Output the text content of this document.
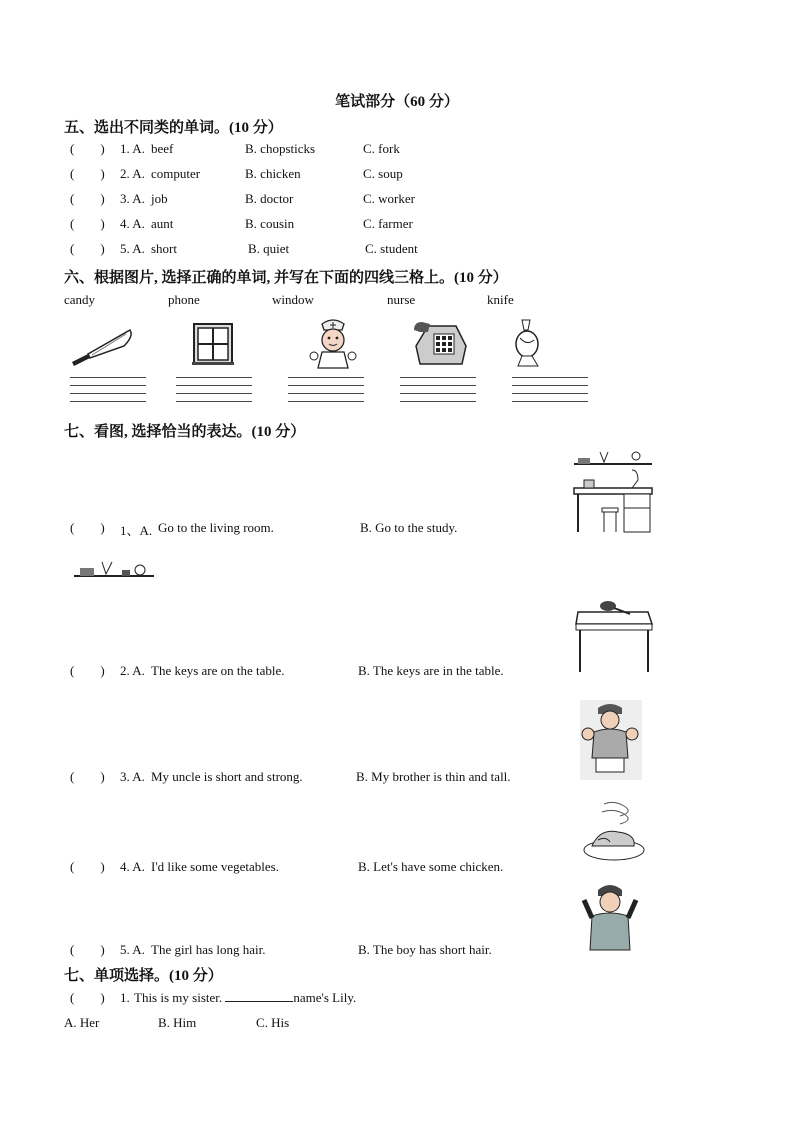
笔试部分（60 分）
五、选出不同类的单词。(10 分）
(        ) 1. A. beef	B. chopsticks	C. fork
(        ) 2. A. computer	B. chicken	C. soup
(        ) 3. A. job	B. doctor	C. worker
(        ) 4. A. aunt	B. cousin	C. farmer
(        ) 5. A. short	B. quiet	C. student
六、根据图片, 选择正确的单词, 并写在下面的四线三格上。(10 分）
candy	phone	window	nurse	knife
七、看图, 选择恰当的表达。(10 分）
(        ) 1、A. Go to the living room.	B. Go to the study.
(        ) 2. A. The keys are on the table.	B. The keys are in the table.
(        ) 3. A. My uncle is short and strong.	B. My brother is thin and tall.
(        ) 4. A. I'd like some vegetables.	B. Let's have some chicken.
(        ) 5. A. The girl has long hair.	B. The boy has short hair.
七、单项选择。(10 分）
(        ) 1. This is my sister.	name's Lily.
A. Her	B. Him	C. His
